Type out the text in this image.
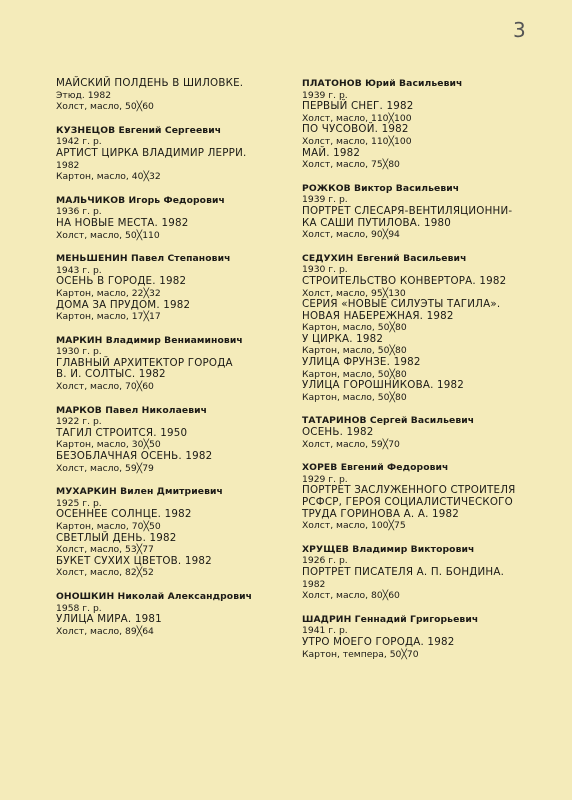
3
МАЙСКИЙ ПОЛДЕНЬ В ШИЛОВКЕ.
Этюд. 1982
Холст, масло, 50╳60
КУЗНЕЦОВ Евгений Сергеевич
1942 г. р.
АРТИСТ ЦИРКА ВЛАДИМИР ЛЕРРИ.
1982
Картон, масло, 40╳32
МАЛЬЧИКОВ Игорь Федорович
1936 г. р.
НА НОВЫЕ МЕСТА. 1982
Холст, масло, 50╳110
МЕНЬШЕНИН Павел Степанович
1943 г. р.
ОСЕНЬ В ГОРОДЕ. 1982
Картон, масло, 22╳32
ДОМА ЗА ПРУДОМ. 1982
Картон, масло, 17╳17
МАРКИН Владимир Вениаминович
1930 г. р.
ГЛАВНЫЙ АРХИТЕКТОР ГОРОДА
В. И. СОЛТЫС. 1982
Холст, масло, 70╳60
МАРКОВ Павел Николаевич
1922 г. р.
ТАГИЛ СТРОИТСЯ. 1950
Картон, масло, 30╳50
БЕЗОБЛАЧНАЯ ОСЕНЬ. 1982
Холст, масло, 59╳79
МУХАРКИН Вилен Дмитриевич
1925 г. р.
ОСЕННЕЕ СОЛНЦЕ. 1982
Картон, масло, 70╳50
СВЕТЛЫЙ ДЕНЬ. 1982
Холст, масло, 53╳77
БУКЕТ СУХИХ ЦВЕТОВ. 1982
Холст, масло, 82╳52
ОНОШКИН Николай Александрович
1958 г. р.
УЛИЦА МИРА. 1981
Холст, масло, 89╳64
ПЛАТОНОВ Юрий Васильевич
1939 г. р.
ПЕРВЫЙ СНЕГ. 1982
Холст, масло, 110╳100
ПО ЧУСОВОЙ. 1982
Холст, масло, 110╳100
МАЙ. 1982
Холст, масло, 75╳80
РОЖКОВ Виктор Васильевич
1939 г. р.
ПОРТРЕТ СЛЕСАРЯ-ВЕНТИЛЯЦИОННИ-
КА САШИ ПУТИЛОВА. 1980
Холст, масло, 90╳94
СЕДУХИН Евгений Васильевич
1930 г. р.
СТРОИТЕЛЬСТВО КОНВЕРТОРА. 1982
Холст, масло, 95╳130
СЕРИЯ «НОВЫЕ СИЛУЭТЫ ТАГИЛА».
НОВАЯ НАБЕРЕЖНАЯ. 1982
Картон, масло, 50╳80
У ЦИРКА. 1982
Картон, масло, 50╳80
УЛИЦА ФРУНЗЕ. 1982
Картон, масло, 50╳80
УЛИЦА ГОРОШНИКОВА. 1982
Картон, масло, 50╳80
ТАТАРИНОВ Сергей Васильевич
ОСЕНЬ. 1982
Холст, масло, 59╳70
ХОРЕВ Евгений Федорович
1929 г. р.
ПОРТРЕТ ЗАСЛУЖЕННОГО СТРОИТЕЛЯ
РСФСР, ГЕРОЯ СОЦИАЛИСТИЧЕСКОГО
ТРУДА ГОРИНОВА А. А. 1982
Холст, масло, 100╳75
ХРУЩЕВ Владимир Викторович
1926 г. р.
ПОРТРЕТ ПИСАТЕЛЯ А. П. БОНДИНА.
1982
Холст, масло, 80╳60
ШАДРИН Геннадий Григорьевич
1941 г. р.
УТРО МОЕГО ГОРОДА. 1982
Картон, темпера, 50╳70
